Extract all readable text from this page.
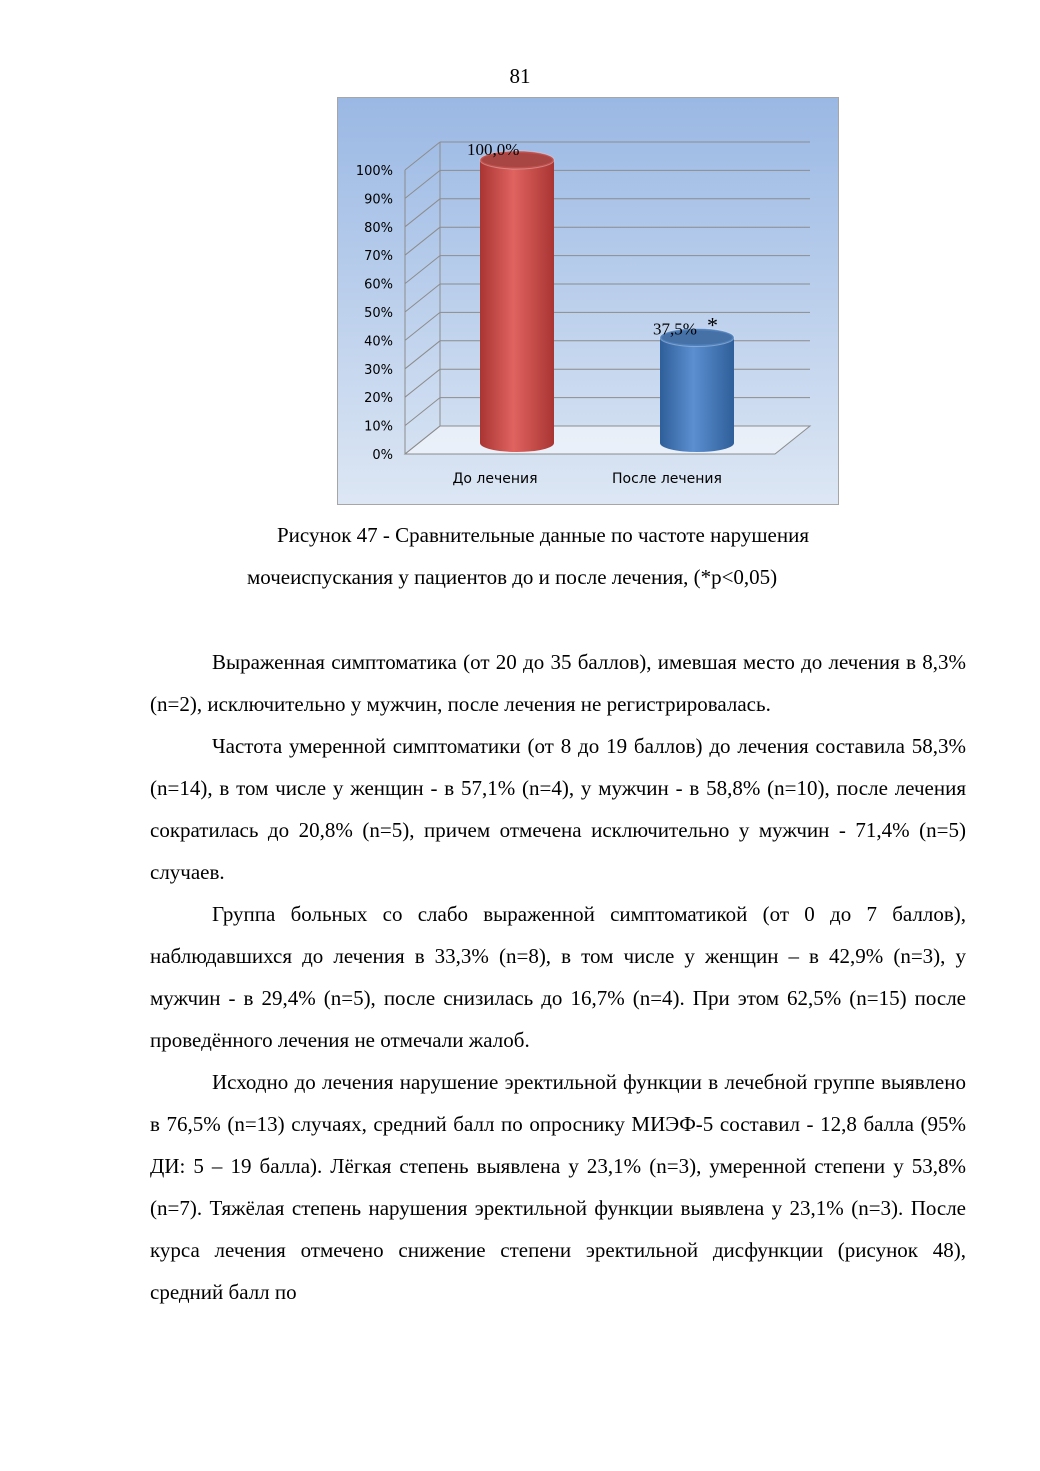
81
0%
10%
20%
30%
40%
50%
60%
70%
80%
90%
100%
100,0%
До лечения
37,5% *
После лечения
Рисунок 47 - Сравнительные данные по частоте нарушения
мочеиспускания у пациентов до и после лечения, (*р<0,05)

Выраженная симптоматика (от 20 до 35 баллов), имевшая место до лечения в 8,3% (n=2), исключительно у мужчин, после лечения не регистрировалась.

Частота умеренной симптоматики (от 8 до 19 баллов) до лечения составила 58,3% (n=14), в том числе у женщин - в 57,1% (n=4), у мужчин - в 58,8% (n=10), после лечения сократилась до 20,8% (n=5), причем отмечена исключительно у мужчин - 71,4% (n=5) случаев.

Группа больных со слабо выраженной симптоматикой (от 0 до 7 баллов), наблюдавшихся до лечения в 33,3% (n=8), в том числе у женщин – в 42,9% (n=3), у мужчин - в 29,4% (n=5), после снизилась до 16,7% (n=4). При этом 62,5% (n=15) после проведённого лечения не отмечали жалоб.

Исходно до лечения нарушение эректильной функции в лечебной группе выявлено в 76,5% (n=13) случаях, средний балл по опроснику МИЭФ-5 составил - 12,8 балла (95% ДИ: 5 – 19 балла). Лёгкая степень выявлена у 23,1% (n=3), умеренной степени у 53,8% (n=7). Тяжёлая степень нарушения эректильной функции выявлена у 23,1% (n=3). После курса лечения отмечено снижение степени эректильной дисфункции (рисунок 48), средний балл по
